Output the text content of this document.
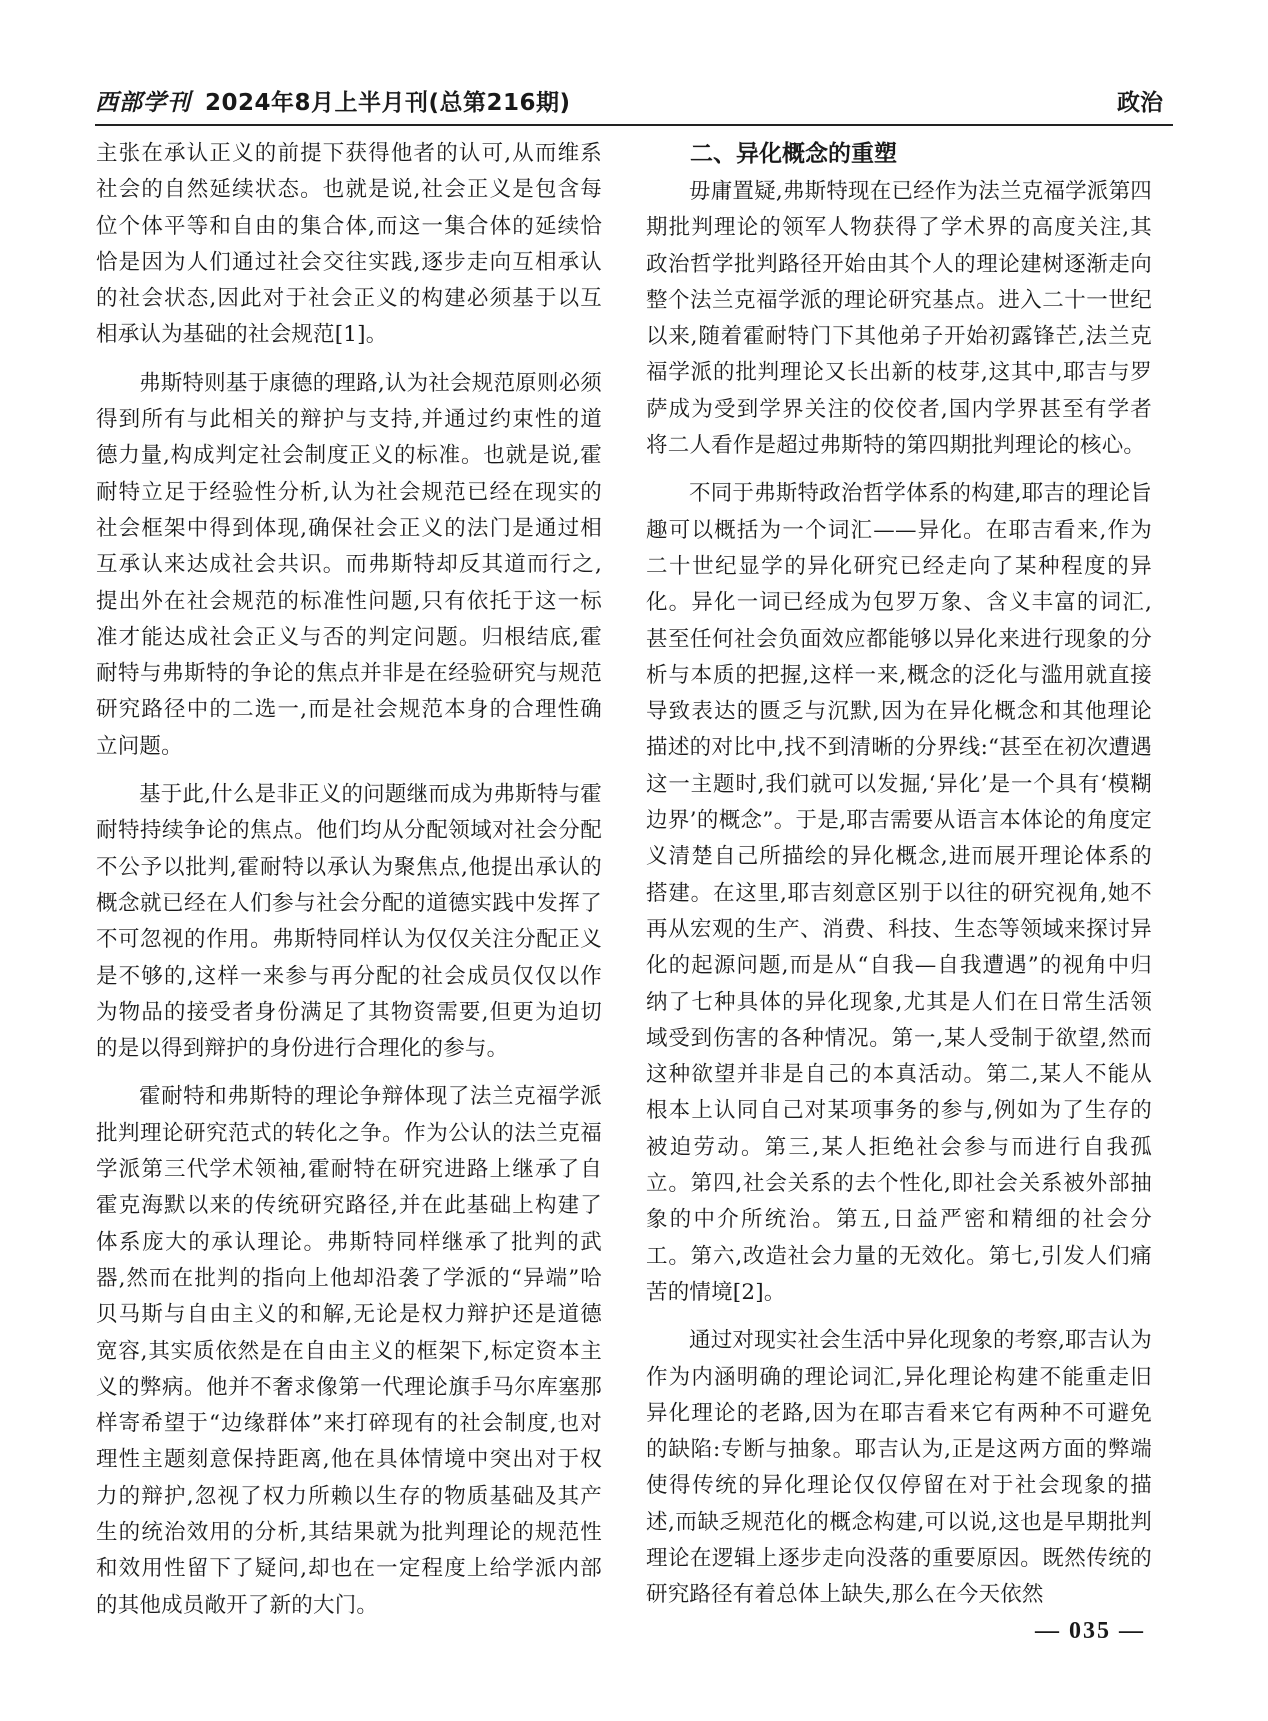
西部学刊 2024年8月上半月刊(总第216期)	政治

主张在承认正义的前提下获得他者的认可,从而维系社会的自然延续状态。也就是说,社会正义是包含每位个体平等和自由的集合体,而这一集合体的延续恰恰是因为人们通过社会交往实践,逐步走向互相承认的社会状态,因此对于社会正义的构建必须基于以互相承认为基础的社会规范[1]。

弗斯特则基于康德的理路,认为社会规范原则必须得到所有与此相关的辩护与支持,并通过约束性的道德力量,构成判定社会制度正义的标准。也就是说,霍耐特立足于经验性分析,认为社会规范已经在现实的社会框架中得到体现,确保社会正义的法门是通过相互承认来达成社会共识。而弗斯特却反其道而行之,提出外在社会规范的标准性问题,只有依托于这一标准才能达成社会正义与否的判定问题。归根结底,霍耐特与弗斯特的争论的焦点并非是在经验研究与规范研究路径中的二选一,而是社会规范本身的合理性确立问题。

基于此,什么是非正义的问题继而成为弗斯特与霍耐特持续争论的焦点。他们均从分配领域对社会分配不公予以批判,霍耐特以承认为聚焦点,他提出承认的概念就已经在人们参与社会分配的道德实践中发挥了不可忽视的作用。弗斯特同样认为仅仅关注分配正义是不够的,这样一来参与再分配的社会成员仅仅以作为物品的接受者身份满足了其物资需要,但更为迫切的是以得到辩护的身份进行合理化的参与。

霍耐特和弗斯特的理论争辩体现了法兰克福学派批判理论研究范式的转化之争。作为公认的法兰克福学派第三代学术领袖,霍耐特在研究进路上继承了自霍克海默以来的传统研究路径,并在此基础上构建了体系庞大的承认理论。弗斯特同样继承了批判的武器,然而在批判的指向上他却沿袭了学派的“异端”哈贝马斯与自由主义的和解,无论是权力辩护还是道德宽容,其实质依然是在自由主义的框架下,标定资本主义的弊病。他并不奢求像第一代理论旗手马尔库塞那样寄希望于“边缘群体”来打碎现有的社会制度,也对理性主题刻意保持距离,他在具体情境中突出对于权力的辩护,忽视了权力所赖以生存的物质基础及其产生的统治效用的分析,其结果就为批判理论的规范性和效用性留下了疑问,却也在一定程度上给学派内部的其他成员敞开了新的大门。

二、异化概念的重塑

毋庸置疑,弗斯特现在已经作为法兰克福学派第四期批判理论的领军人物获得了学术界的高度关注,其政治哲学批判路径开始由其个人的理论建树逐渐走向整个法兰克福学派的理论研究基点。进入二十一世纪以来,随着霍耐特门下其他弟子开始初露锋芒,法兰克福学派的批判理论又长出新的枝芽,这其中,耶吉与罗萨成为受到学界关注的佼佼者,国内学界甚至有学者将二人看作是超过弗斯特的第四期批判理论的核心。

不同于弗斯特政治哲学体系的构建,耶吉的理论旨趣可以概括为一个词汇——异化。在耶吉看来,作为二十世纪显学的异化研究已经走向了某种程度的异化。异化一词已经成为包罗万象、含义丰富的词汇,甚至任何社会负面效应都能够以异化来进行现象的分析与本质的把握,这样一来,概念的泛化与滥用就直接导致表达的匮乏与沉默,因为在异化概念和其他理论描述的对比中,找不到清晰的分界线:“甚至在初次遭遇这一主题时,我们就可以发掘,‘异化’是一个具有‘模糊边界’的概念”。于是,耶吉需要从语言本体论的角度定义清楚自己所描绘的异化概念,进而展开理论体系的搭建。在这里,耶吉刻意区别于以往的研究视角,她不再从宏观的生产、消费、科技、生态等领域来探讨异化的起源问题,而是从“自我—自我遭遇”的视角中归纳了七种具体的异化现象,尤其是人们在日常生活领域受到伤害的各种情况。第一,某人受制于欲望,然而这种欲望并非是自己的本真活动。第二,某人不能从根本上认同自己对某项事务的参与,例如为了生存的被迫劳动。第三,某人拒绝社会参与而进行自我孤立。第四,社会关系的去个性化,即社会关系被外部抽象的中介所统治。第五,日益严密和精细的社会分工。第六,改造社会力量的无效化。第七,引发人们痛苦的情境[2]。

通过对现实社会生活中异化现象的考察,耶吉认为作为内涵明确的理论词汇,异化理论构建不能重走旧异化理论的老路,因为在耶吉看来它有两种不可避免的缺陷:专断与抽象。耶吉认为,正是这两方面的弊端使得传统的异化理论仅仅停留在对于社会现象的描述,而缺乏规范化的概念构建,可以说,这也是早期批判理论在逻辑上逐步走向没落的重要原因。既然传统的研究路径有着总体上缺失,那么在今天依然

— 035 —
